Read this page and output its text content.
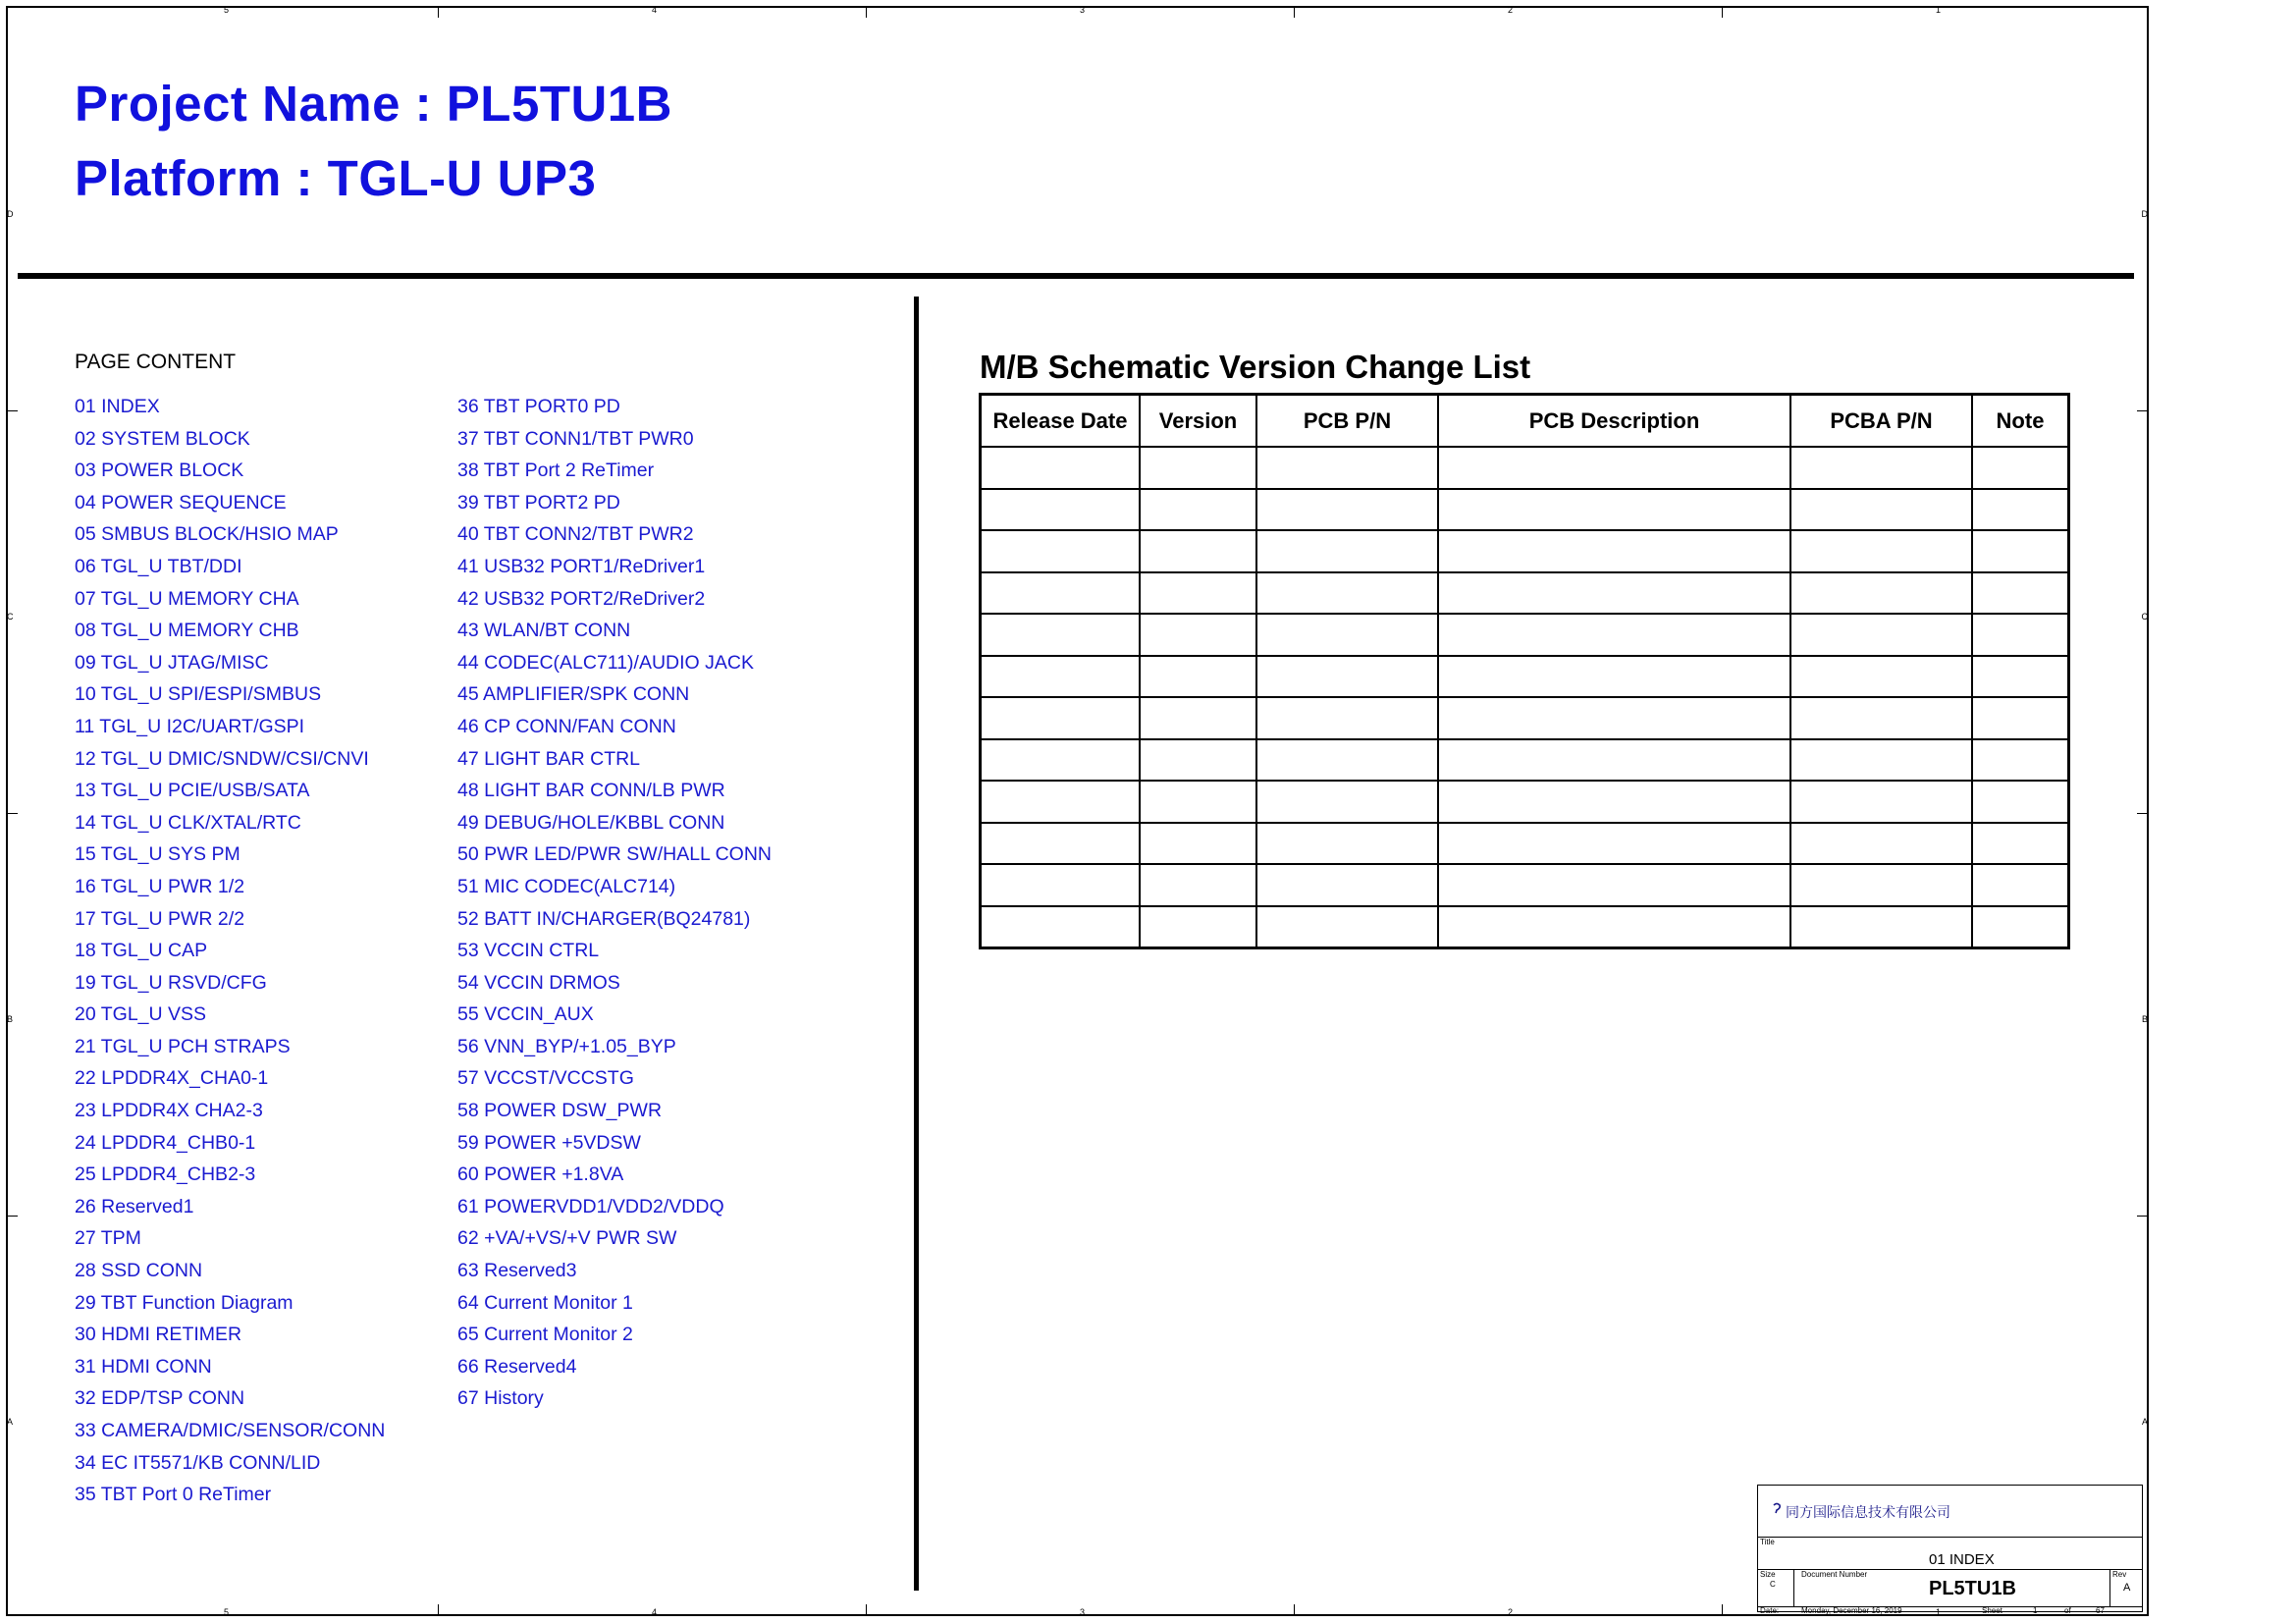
5	4	3	2	1
5	4	3	2	1
D
C
B
A
D
C
B
A
同方国际信息技术有限公司
Title
01 INDEX
Size
C
Document Number
PL5TU1B
Rev
A
Date:	Monday, December 16, 2019	Sheet	1	of	67
Project Name : PL5TU1B
Platform : TGL-U UP3
PAGE CONTENT
01 INDEX
02 SYSTEM BLOCK
03 POWER BLOCK
04 POWER SEQUENCE
05 SMBUS BLOCK/HSIO MAP
06 TGL_U TBT/DDI
07 TGL_U MEMORY CHA
08 TGL_U MEMORY CHB
09 TGL_U JTAG/MISC
10 TGL_U SPI/ESPI/SMBUS
11 TGL_U I2C/UART/GSPI
12 TGL_U DMIC/SNDW/CSI/CNVI
13 TGL_U PCIE/USB/SATA
14 TGL_U CLK/XTAL/RTC
15 TGL_U SYS PM
16 TGL_U PWR 1/2
17 TGL_U PWR 2/2
18 TGL_U CAP
19 TGL_U RSVD/CFG
20 TGL_U VSS
21 TGL_U PCH STRAPS
22 LPDDR4X_CHA0-1
23 LPDDR4X CHA2-3
24 LPDDR4_CHB0-1
25 LPDDR4_CHB2-3
26 Reserved1
27 TPM
28 SSD CONN
29 TBT Function Diagram
30 HDMI RETIMER
31 HDMI CONN
32 EDP/TSP CONN
33 CAMERA/DMIC/SENSOR/CONN
34 EC IT5571/KB CONN/LID
35 TBT Port 0 ReTimer
36 TBT PORT0 PD
37 TBT CONN1/TBT PWR0
38 TBT Port 2 ReTimer
39 TBT PORT2 PD
40 TBT CONN2/TBT PWR2
41 USB32 PORT1/ReDriver1
42 USB32 PORT2/ReDriver2
43 WLAN/BT CONN
44 CODEC(ALC711)/AUDIO JACK
45 AMPLIFIER/SPK CONN
46 CP CONN/FAN CONN
47 LIGHT BAR CTRL
48 LIGHT BAR CONN/LB PWR
49 DEBUG/HOLE/KBBL CONN
50 PWR LED/PWR SW/HALL CONN
51 MIC CODEC(ALC714)
52 BATT IN/CHARGER(BQ24781)
53 VCCIN CTRL
54 VCCIN DRMOS
55 VCCIN_AUX
56 VNN_BYP/+1.05_BYP
57 VCCST/VCCSTG
58 POWER DSW_PWR
59 POWER +5VDSW
60 POWER +1.8VA
61 POWERVDD1/VDD2/VDDQ
62 +VA/+VS/+V PWR SW
63 Reserved3
64 Current Monitor 1
65 Current Monitor 2
66 Reserved4
67 History
M/B Schematic Version Change List
Release Date	Version	PCB P/N	PCB Description	PCBA P/N	Note
